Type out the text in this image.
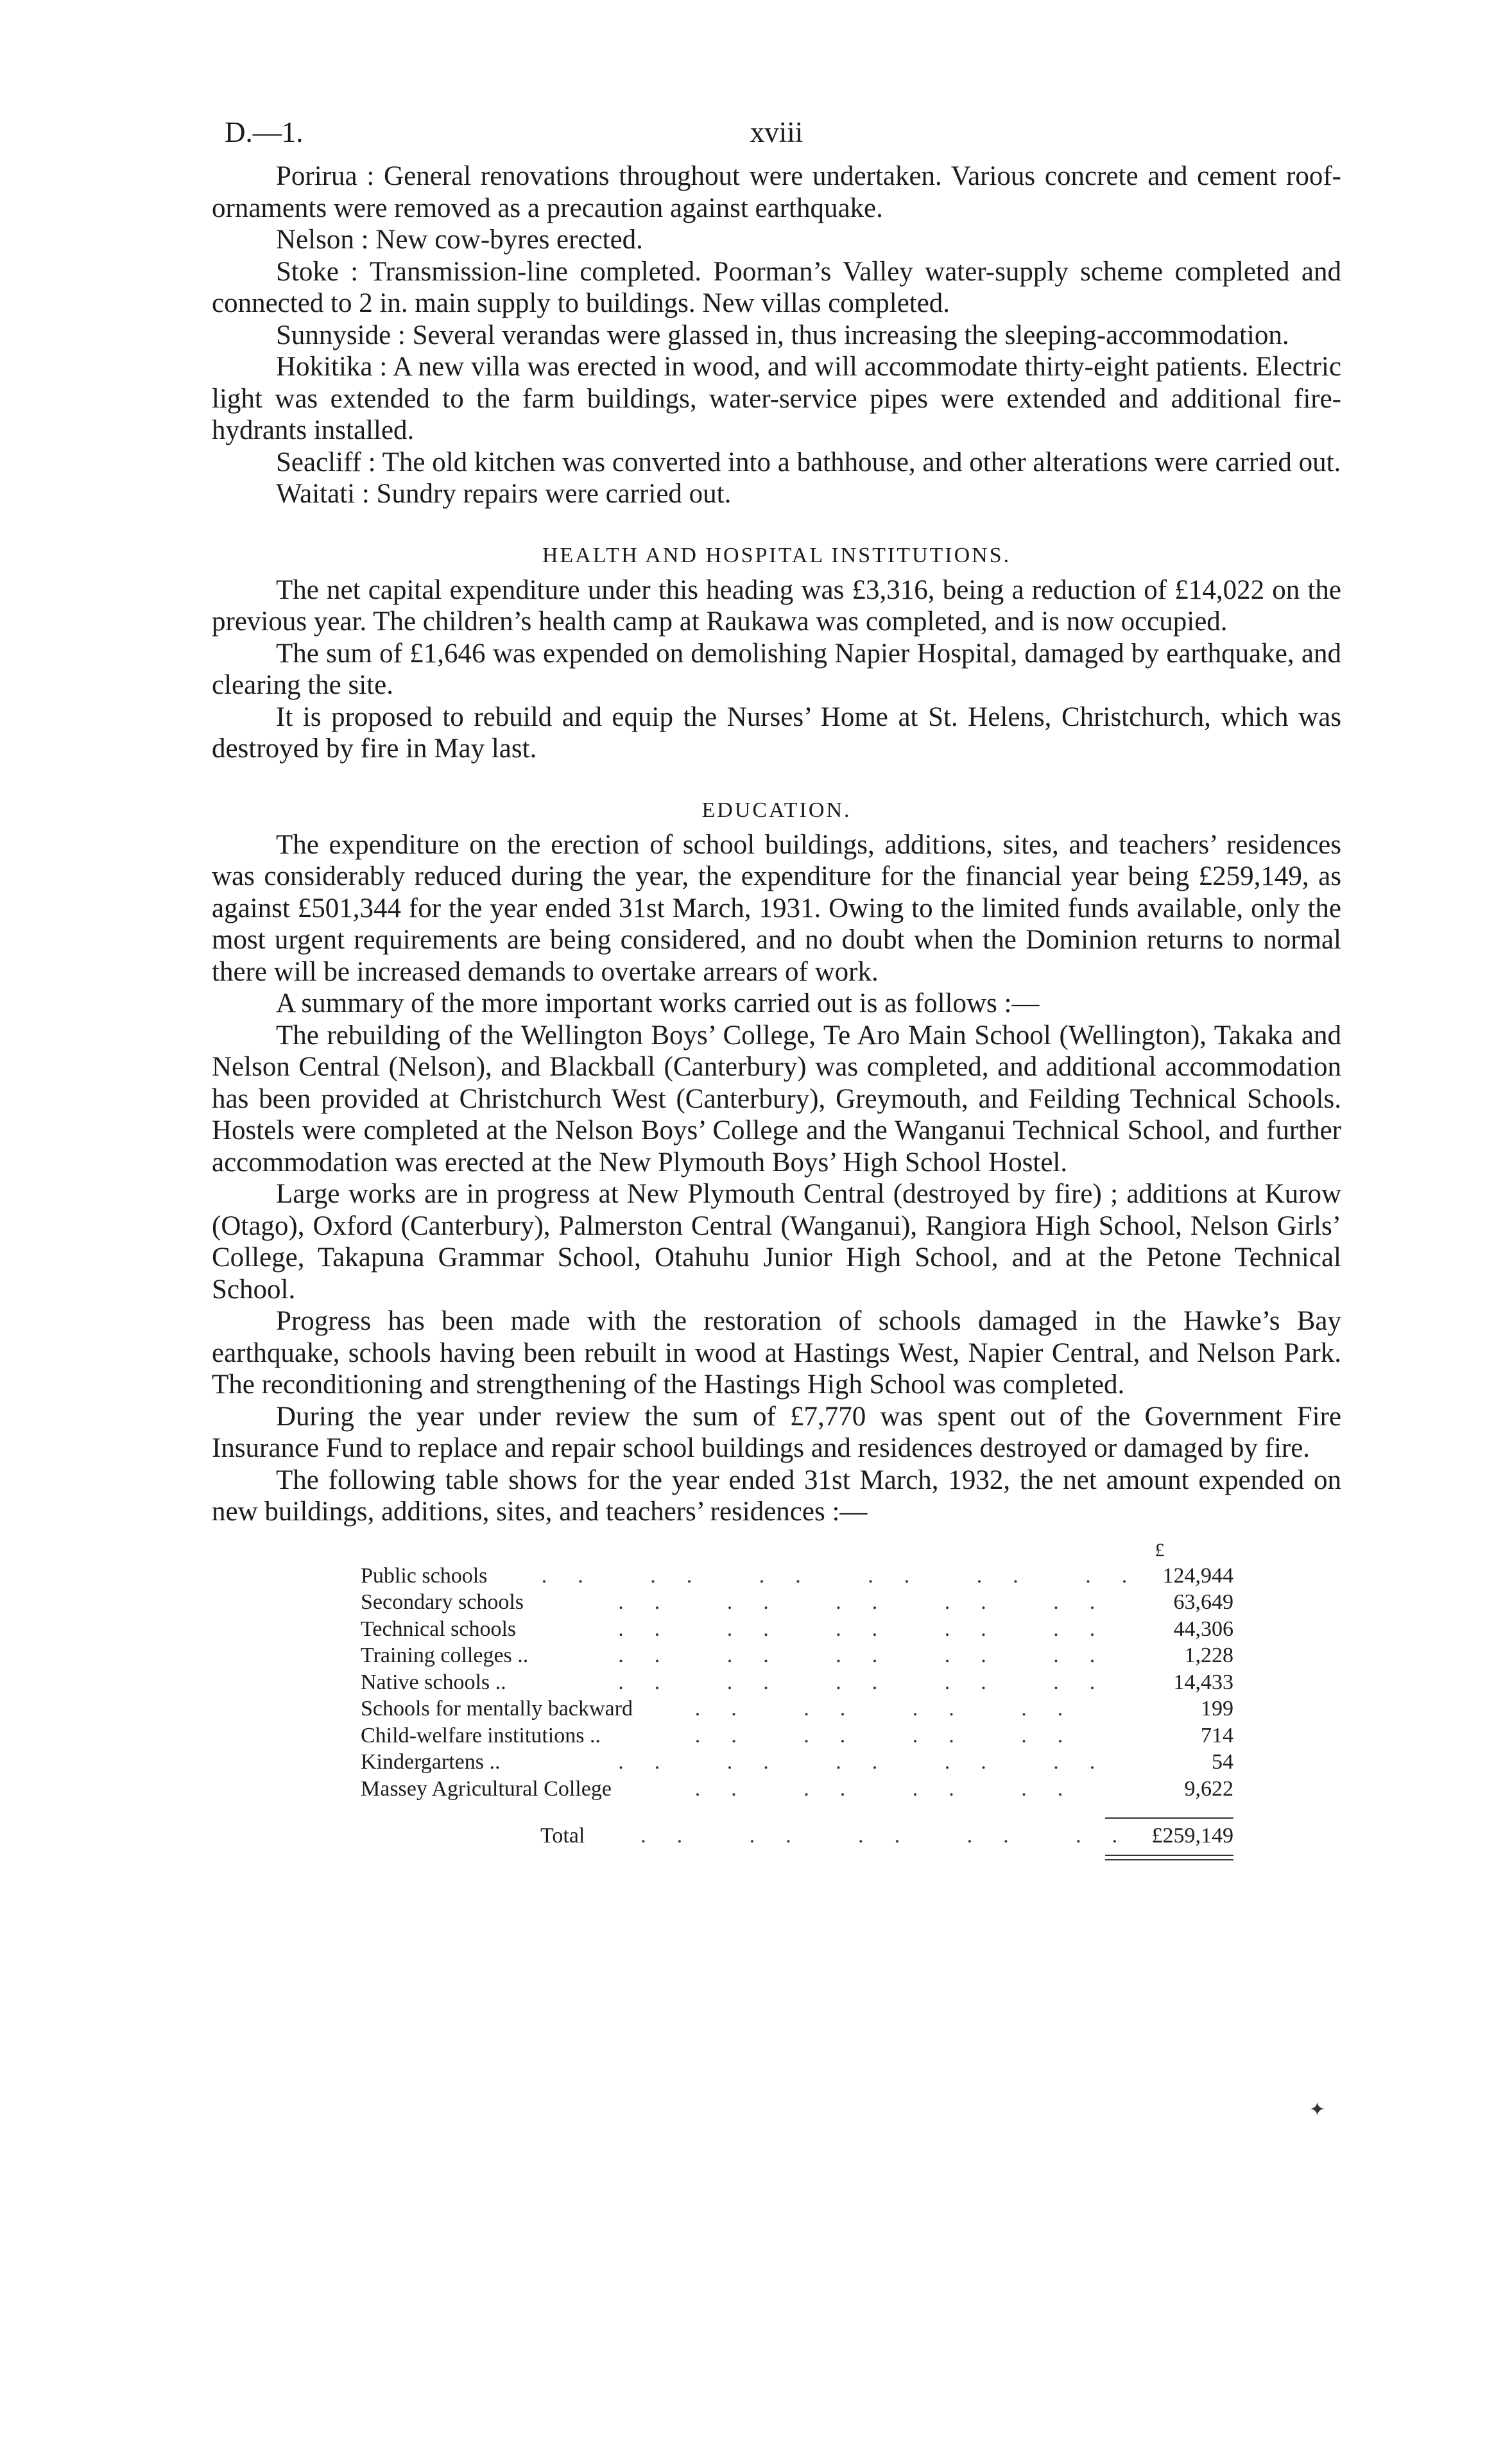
D.—1.	xviii

Porirua : General renovations throughout were undertaken. Various concrete and cement roof-ornaments were removed as a precaution against earthquake.

Nelson : New cow-byres erected.

Stoke : Transmission-line completed. Poorman’s Valley water-supply scheme completed and connected to 2 in. main supply to buildings. New villas completed.

Sunnyside : Several verandas were glassed in, thus increasing the sleeping-accommodation.

Hokitika : A new villa was erected in wood, and will accommodate thirty-eight patients. Electric light was extended to the farm buildings, water-service pipes were extended and additional fire-hydrants installed.

Seacliff : The old kitchen was converted into a bathhouse, and other alterations were carried out.

Waitati : Sundry repairs were carried out.

HEALTH AND HOSPITAL INSTITUTIONS.

The net capital expenditure under this heading was £3,316, being a reduction of £14,022 on the previous year. The children’s health camp at Raukawa was completed, and is now occupied.

The sum of £1,646 was expended on demolishing Napier Hospital, damaged by earthquake, and clearing the site.

It is proposed to rebuild and equip the Nurses’ Home at St. Helens, Christchurch, which was destroyed by fire in May last.

EDUCATION.

The expenditure on the erection of school buildings, additions, sites, and teachers’ residences was considerably reduced during the year, the expenditure for the financial year being £259,149, as against £501,344 for the year ended 31st March, 1931. Owing to the limited funds available, only the most urgent requirements are being considered, and no doubt when the Dominion returns to normal there will be increased demands to overtake arrears of work.

A summary of the more important works carried out is as follows :—

The rebuilding of the Wellington Boys’ College, Te Aro Main School (Wellington), Takaka and Nelson Central (Nelson), and Blackball (Canterbury) was completed, and additional accommodation has been provided at Christchurch West (Canterbury), Greymouth, and Feilding Technical Schools. Hostels were completed at the Nelson Boys’ College and the Wanganui Technical School, and further accommodation was erected at the New Plymouth Boys’ High School Hostel.

Large works are in progress at New Plymouth Central (destroyed by fire) ; additions at Kurow (Otago), Oxford (Canterbury), Palmerston Central (Wanganui), Rangiora High School, Nelson Girls’ College, Takapuna Grammar School, Otahuhu Junior High School, and at the Petone Technical School.

Progress has been made with the restoration of schools damaged in the Hawke’s Bay earthquake, schools having been rebuilt in wood at Hastings West, Napier Central, and Nelson Park. The reconditioning and strengthening of the Hastings High School was completed.

During the year under review the sum of £7,770 was spent out of the Government Fire Insurance Fund to replace and repair school buildings and residences destroyed or damaged by fire.

The following table shows for the year ended 31st March, 1932, the net amount expended on new buildings, additions, sites, and teachers’ residences :—

£
Public schools	.. .. .. .. .. .. 124,944
Secondary schools	.. .. .. .. ..	63,649
Technical schools	.. .. .. .. ..	44,306
Training colleges ..	.. .. .. .. ..	1,228
Native schools ..	.. .. .. .. ..	14,433
Schools for mentally backward	.. .. .. ..	199
Child-welfare institutions ..	.. .. .. ..	714
Kindergartens ..	.. .. .. .. ..	54
Massey Agricultural College	.. .. .. ..	9,622
Total	.. .. .. .. .. £259,149
✦
